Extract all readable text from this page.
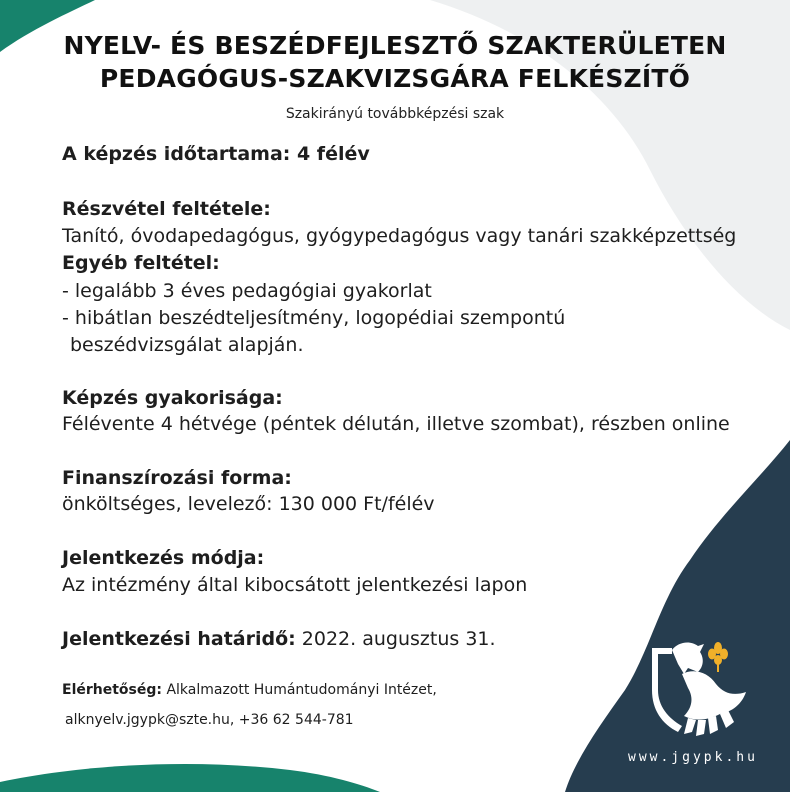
NYELV- ÉS BESZÉDFEJLESZTŐ SZAKTERÜLETEN
PEDAGÓGUS-SZAKVIZSGÁRA FELKÉSZÍTŐ
Szakirányú továbbképzési szak
A képzés időtartama: 4 félév
Részvétel feltétele:
Tanító, óvodapedagógus, gyógypedagógus vagy tanári szakképzettség
Egyéb feltétel:
- legalább 3 éves pedagógiai gyakorlat
- hibátlan beszédteljesítmény, logopédiai szempontú
beszédvizsgálat alapján.
Képzés gyakorisága:
Félévente 4 hétvége (péntek délután, illetve szombat), részben online
Finanszírozási forma:
önköltséges, levelező: 130 000 Ft/félév
Jelentkezés módja:
Az intézmény által kibocsátott jelentkezési lapon
Jelentkezési határidő: 2022. augusztus 31.
Elérhetőség: Alkalmazott Humántudományi Intézet,
alknyelv.jgypk@szte.hu, +36 62 544-781
www.jgypk.hu
